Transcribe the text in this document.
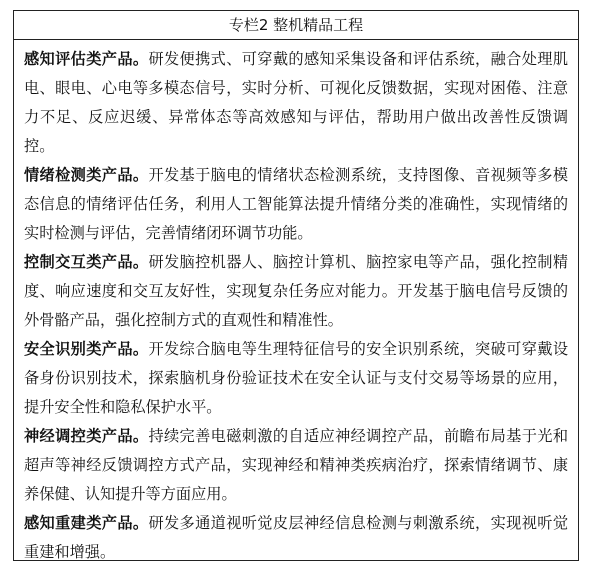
专栏2 整机精品工程

感知评估类产品。研发便携式、可穿戴的感知采集设备和评估系统，融合处理肌电、眼电、心电等多模态信号，实时分析、可视化反馈数据，实现对困倦、注意力不足、反应迟缓、异常体态等高效感知与评估，帮助用户做出改善性反馈调控。

情绪检测类产品。开发基于脑电的情绪状态检测系统，支持图像、音视频等多模态信息的情绪评估任务，利用人工智能算法提升情绪分类的准确性，实现情绪的实时检测与评估，完善情绪闭环调节功能。

控制交互类产品。研发脑控机器人、脑控计算机、脑控家电等产品，强化控制精度、响应速度和交互友好性，实现复杂任务应对能力。开发基于脑电信号反馈的外骨骼产品，强化控制方式的直观性和精准性。

安全识别类产品。开发综合脑电等生理特征信号的安全识别系统，突破可穿戴设备身份识别技术，探索脑机身份验证技术在安全认证与支付交易等场景的应用，提升安全性和隐私保护水平。

神经调控类产品。持续完善电磁刺激的自适应神经调控产品，前瞻布局基于光和超声等神经反馈调控方式产品，实现神经和精神类疾病治疗，探索情绪调节、康养保健、认知提升等方面应用。

感知重建类产品。研发多通道视听觉皮层神经信息检测与刺激系统，实现视听觉重建和增强。
